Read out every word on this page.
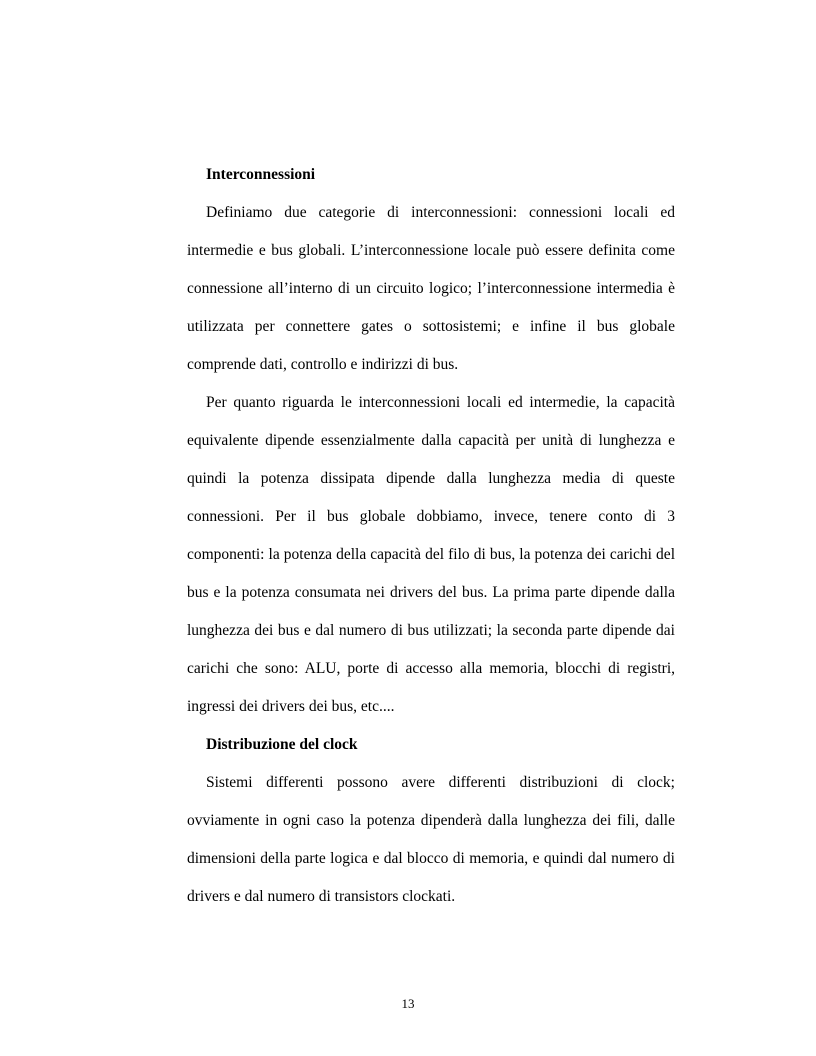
Interconnessioni

Definiamo due categorie di interconnessioni: connessioni locali ed intermedie e bus globali. L’interconnessione locale può essere definita come connessione all’interno di un circuito logico; l’interconnessione intermedia è utilizzata per connettere gates o sottosistemi; e infine il bus globale comprende dati, controllo e indirizzi di bus.

Per quanto riguarda le interconnessioni locali ed intermedie, la capacità equivalente dipende essenzialmente dalla capacità per unità di lunghezza e quindi la potenza dissipata dipende dalla lunghezza media di queste connessioni. Per il bus globale dobbiamo, invece, tenere conto di 3 componenti: la potenza della capacità del filo di bus, la potenza dei carichi del bus e la potenza consumata nei drivers del bus. La prima parte dipende dalla lunghezza dei bus e dal numero di bus utilizzati; la seconda parte dipende dai carichi che sono: ALU, porte di accesso alla memoria, blocchi di registri, ingressi dei drivers dei bus, etc....

Distribuzione del clock

Sistemi differenti possono avere differenti distribuzioni di clock; ovviamente in ogni caso la potenza dipenderà dalla lunghezza dei fili, dalle dimensioni della parte logica e dal blocco di memoria, e quindi dal numero di drivers e dal numero di transistors clockati.

13
